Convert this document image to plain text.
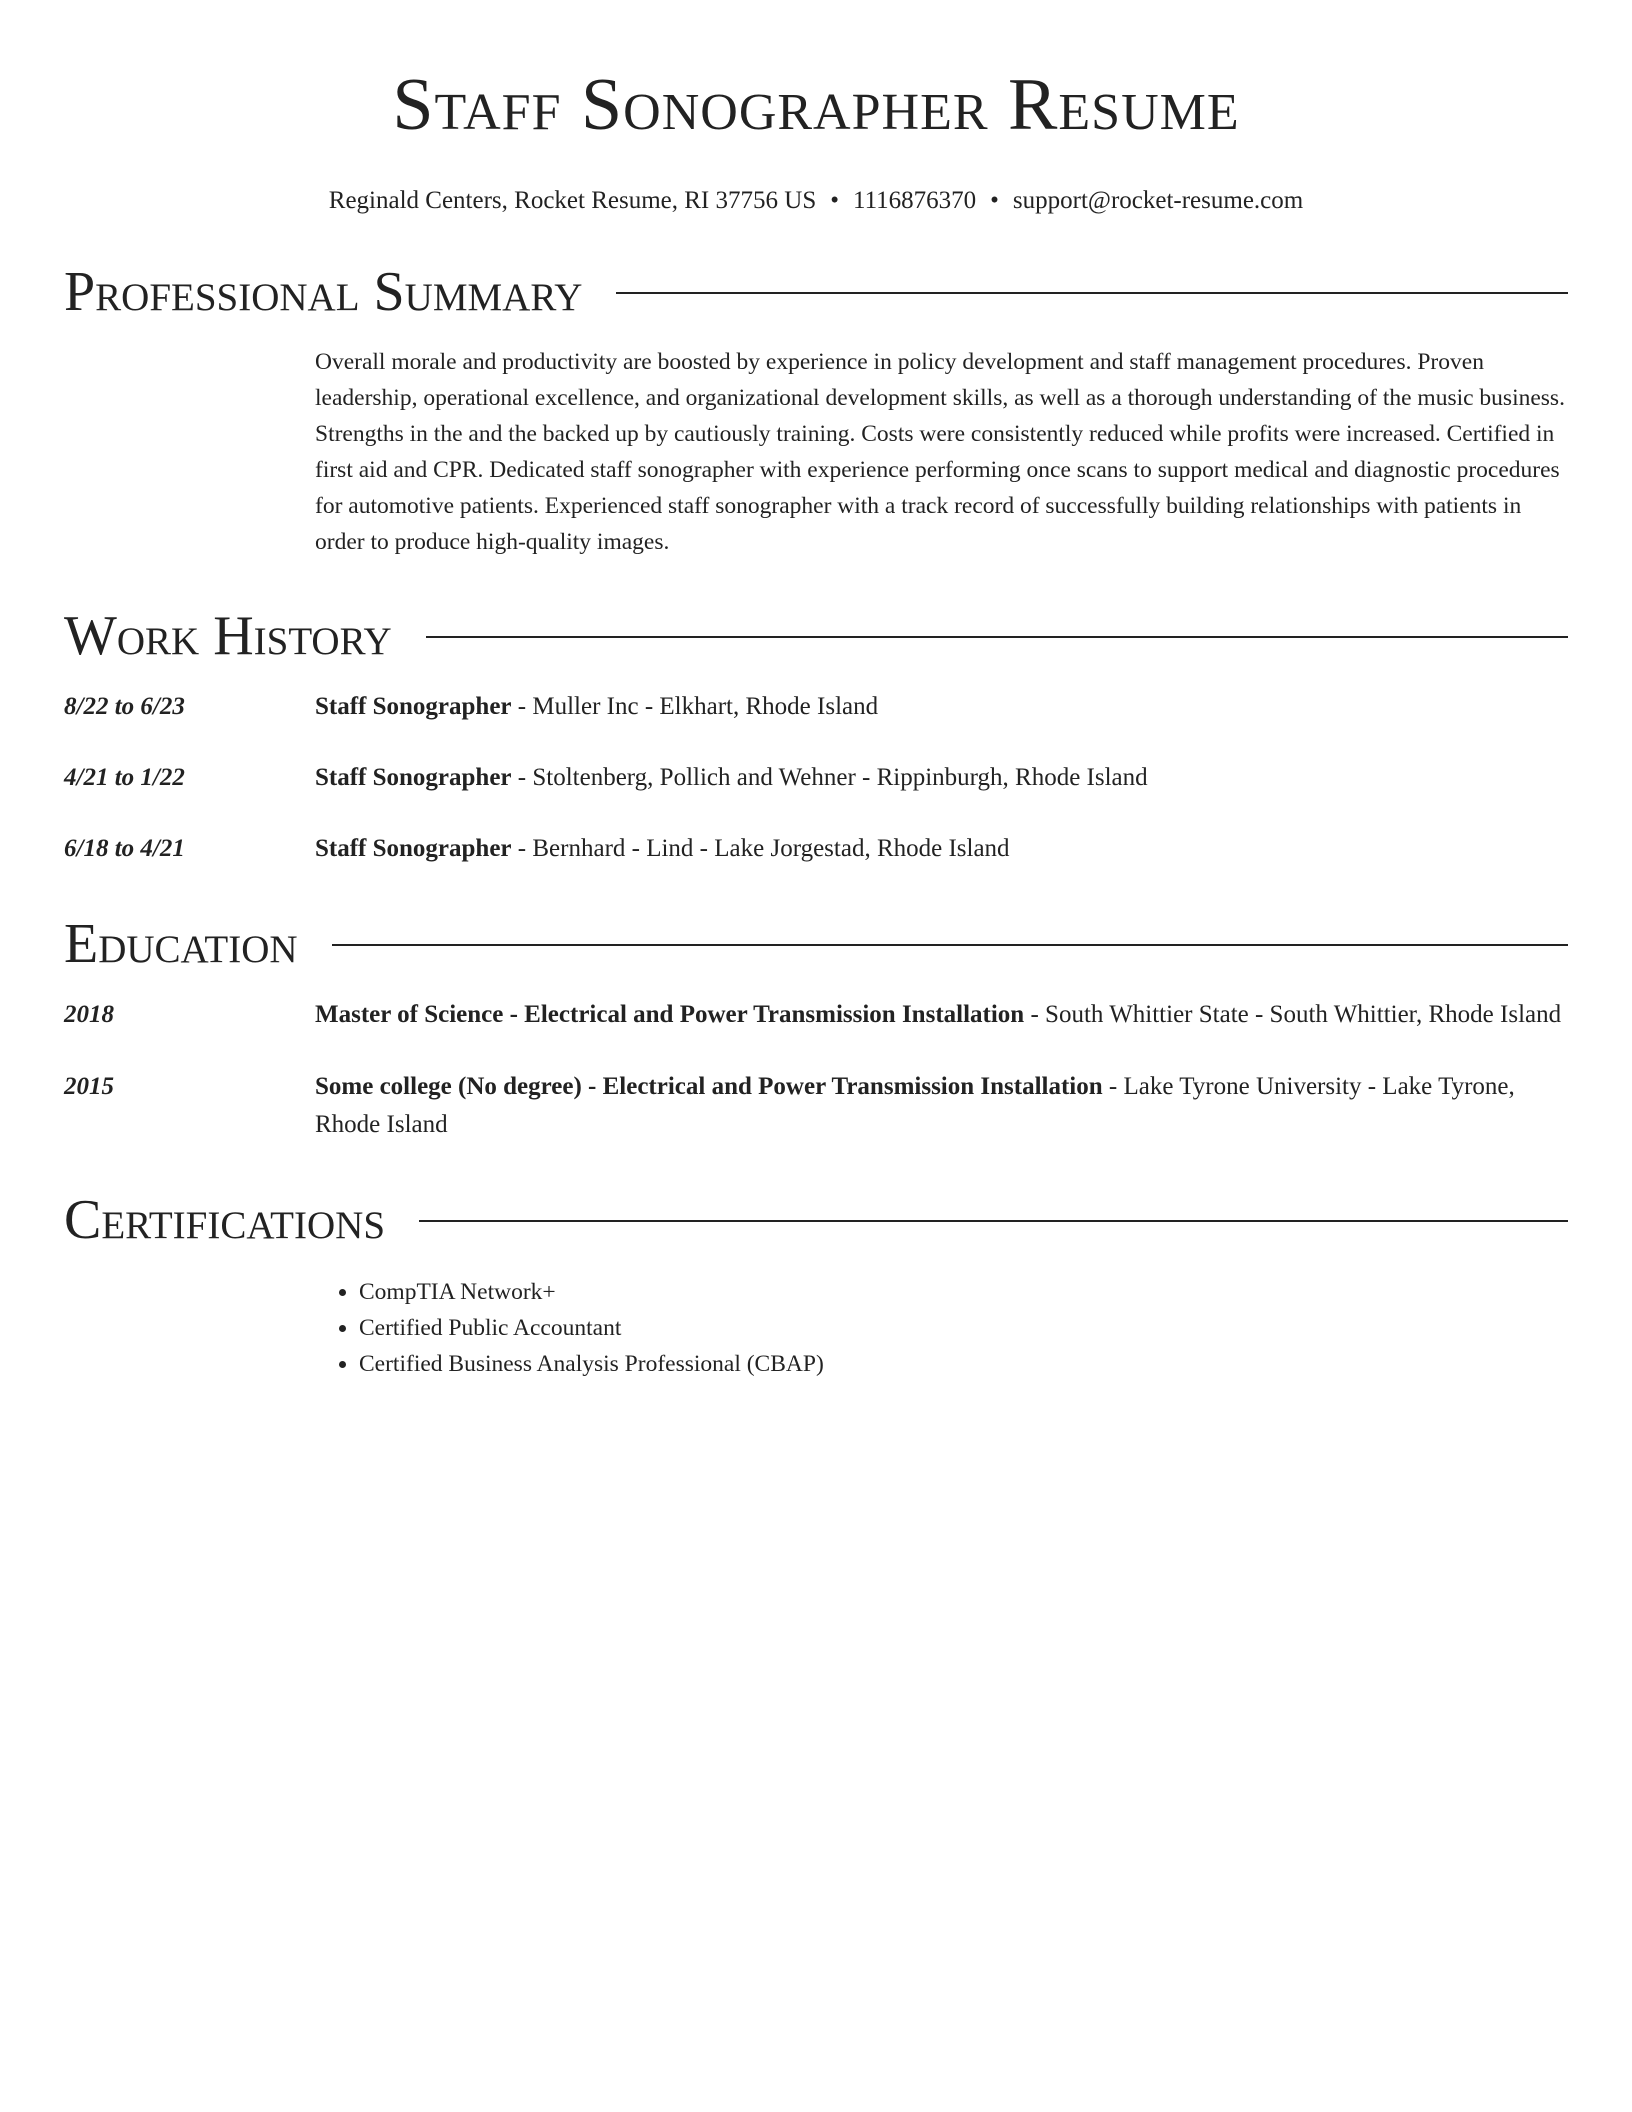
Staff Sonographer Resume
Reginald Centers, Rocket Resume, RI 37756 US • 1116876370 • support@rocket-resume.com
Professional Summary
Overall morale and productivity are boosted by experience in policy development and staff management procedures. Proven leadership, operational excellence, and organizational development skills, as well as a thorough understanding of the music business. Strengths in the and the backed up by cautiously training. Costs were consistently reduced while profits were increased. Certified in first aid and CPR. Dedicated staff sonographer with experience performing once scans to support medical and diagnostic procedures for automotive patients. Experienced staff sonographer with a track record of successfully building relationships with patients in order to produce high-quality images.
Work History
8/22 to 6/23	Staff Sonographer - Muller Inc - Elkhart, Rhode Island
4/21 to 1/22	Staff Sonographer - Stoltenberg, Pollich and Wehner - Rippinburgh, Rhode Island
6/18 to 4/21	Staff Sonographer - Bernhard - Lind - Lake Jorgestad, Rhode Island
Education
2018	Master of Science - Electrical and Power Transmission Installation - South Whittier State - South Whittier, Rhode Island
2015	Some college (No degree) - Electrical and Power Transmission Installation - Lake Tyrone University - Lake Tyrone, Rhode Island
Certifications
• CompTIA Network+
• Certified Public Accountant
• Certified Business Analysis Professional (CBAP)
